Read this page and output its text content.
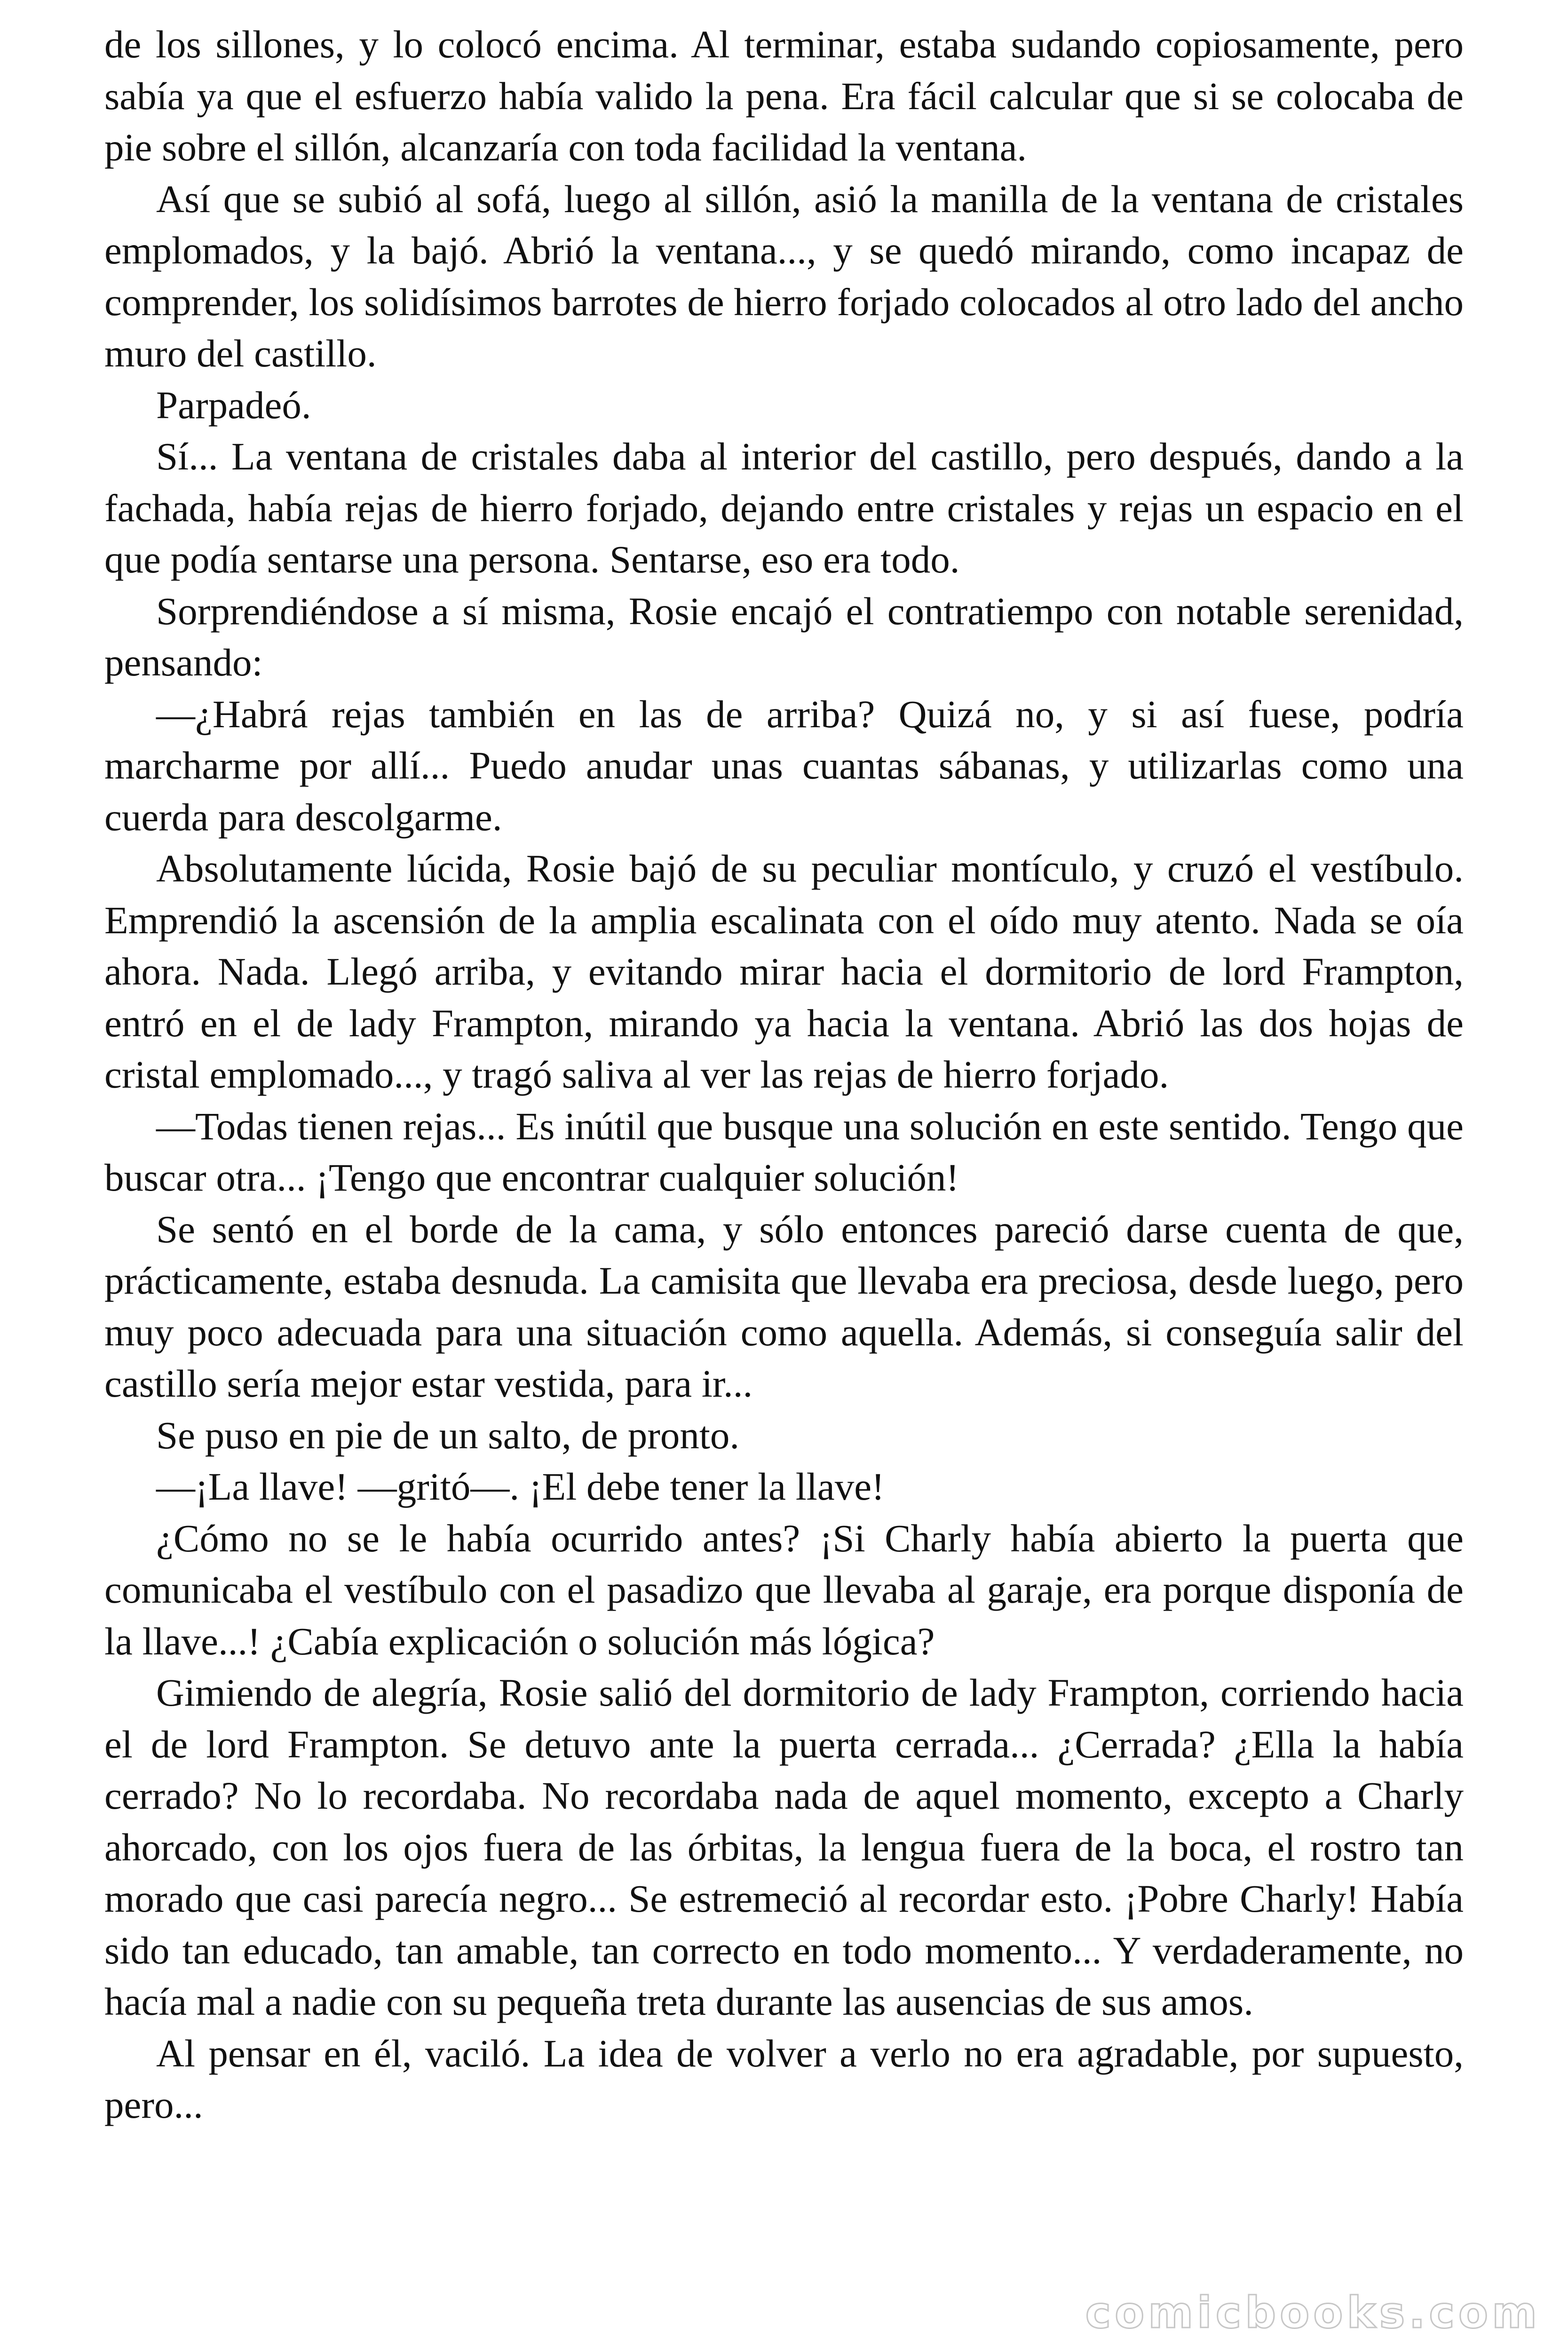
de los sillones, y lo colocó encima. Al terminar, estaba sudando copiosamente, pero sabía ya que el esfuerzo había valido la pena. Era fácil calcular que si se colocaba de pie sobre el sillón, alcanzaría con toda facilidad la ventana.

Así que se subió al sofá, luego al sillón, asió la manilla de la ventana de cristales emplomados, y la bajó. Abrió la ventana..., y se quedó mirando, como incapaz de comprender, los solidísimos barrotes de hierro forjado colocados al otro lado del ancho muro del castillo.

Parpadeó.

Sí... La ventana de cristales daba al interior del castillo, pero después, dando a la fachada, había rejas de hierro forjado, dejando entre cristales y rejas un espacio en el que podía sentarse una persona. Sentarse, eso era todo.

Sorprendiéndose a sí misma, Rosie encajó el contratiempo con notable serenidad, pensando:

—¿Habrá rejas también en las de arriba? Quizá no, y si así fuese, podría marcharme por allí... Puedo anudar unas cuantas sábanas, y utilizarlas como una cuerda para descolgarme.

Absolutamente lúcida, Rosie bajó de su peculiar montículo, y cruzó el vestíbulo. Emprendió la ascensión de la amplia escalinata con el oído muy atento. Nada se oía ahora. Nada. Llegó arriba, y evitando mirar hacia el dormitorio de lord Frampton, entró en el de lady Frampton, mirando ya hacia la ventana. Abrió las dos hojas de cristal emplomado..., y tragó saliva al ver las rejas de hierro forjado.

—Todas tienen rejas... Es inútil que busque una solución en este sentido. Tengo que buscar otra... ¡Tengo que encontrar cualquier solución!

Se sentó en el borde de la cama, y sólo entonces pareció darse cuenta de que, prácticamente, estaba desnuda. La camisita que llevaba era preciosa, desde luego, pero muy poco adecuada para una situación como aquella. Además, si conseguía salir del castillo sería mejor estar vestida, para ir...

Se puso en pie de un salto, de pronto.

—¡La llave! —gritó—. ¡El debe tener la llave!

¿Cómo no se le había ocurrido antes? ¡Si Charly había abierto la puerta que comunicaba el vestíbulo con el pasadizo que llevaba al garaje, era porque disponía de la llave...! ¿Cabía explicación o solución más lógica?

Gimiendo de alegría, Rosie salió del dormitorio de lady Frampton, corriendo hacia el de lord Frampton. Se detuvo ante la puerta cerrada... ¿Cerrada? ¿Ella la había cerrado? No lo recordaba. No recordaba nada de aquel momento, excepto a Charly ahorcado, con los ojos fuera de las órbitas, la lengua fuera de la boca, el rostro tan morado que casi parecía negro... Se estremeció al recordar esto. ¡Pobre Charly! Había sido tan educado, tan amable, tan correcto en todo momento... Y verdaderamente, no hacía mal a nadie con su pequeña treta durante las ausencias de sus amos.

Al pensar en él, vaciló. La idea de volver a verlo no era agradable, por supuesto, pero...

comicbooks.com
